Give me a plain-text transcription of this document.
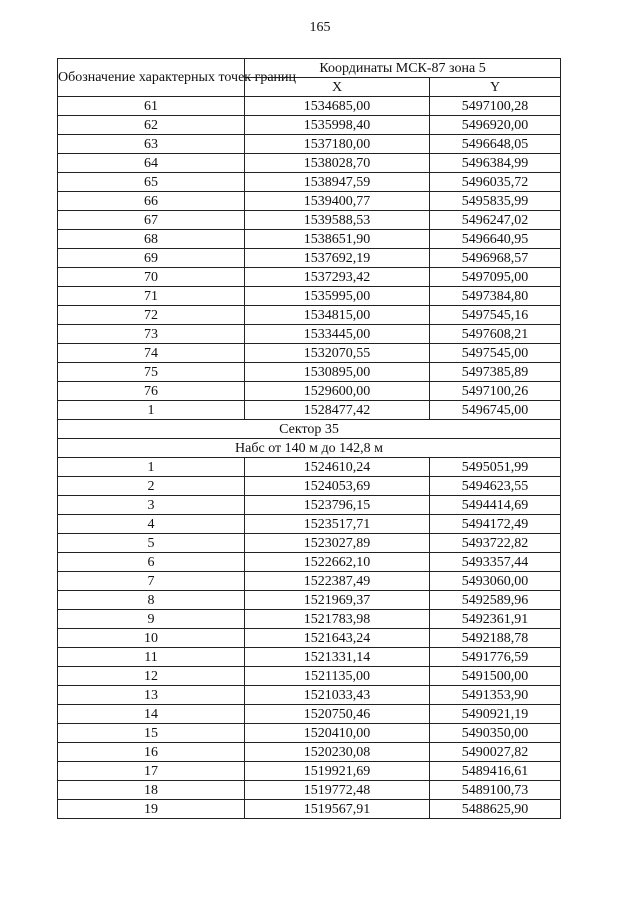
165
Обозначение характерных точек границ	Координаты МСК-87 зона 5	
	X	Y
61	1534685,00	5497100,28
62	1535998,40	5496920,00
63	1537180,00	5496648,05
64	1538028,70	5496384,99
65	1538947,59	5496035,72
66	1539400,77	5495835,99
67	1539588,53	5496247,02
68	1538651,90	5496640,95
69	1537692,19	5496968,57
70	1537293,42	5497095,00
71	1535995,00	5497384,80
72	1534815,00	5497545,16
73	1533445,00	5497608,21
74	1532070,55	5497545,00
75	1530895,00	5497385,89
76	1529600,00	5497100,26
1	1528477,42	5496745,00
Сектор 35		
Набс от 140 м до 142,8 м		
1	1524610,24	5495051,99
2	1524053,69	5494623,55
3	1523796,15	5494414,69
4	1523517,71	5494172,49
5	1523027,89	5493722,82
6	1522662,10	5493357,44
7	1522387,49	5493060,00
8	1521969,37	5492589,96
9	1521783,98	5492361,91
10	1521643,24	5492188,78
11	1521331,14	5491776,59
12	1521135,00	5491500,00
13	1521033,43	5491353,90
14	1520750,46	5490921,19
15	1520410,00	5490350,00
16	1520230,08	5490027,82
17	1519921,69	5489416,61
18	1519772,48	5489100,73
19	1519567,91	5488625,90
